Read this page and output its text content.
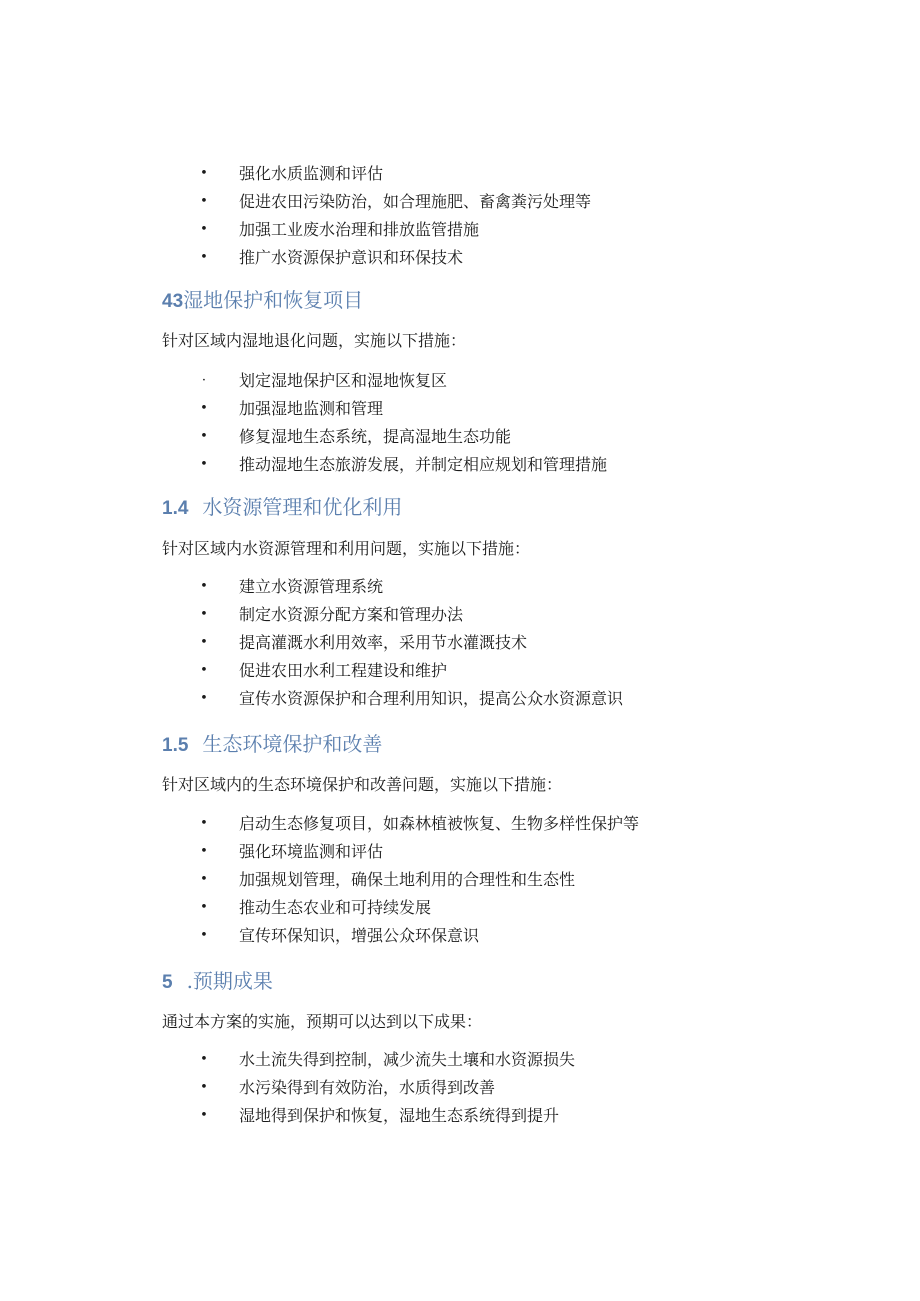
• 强化水质监测和评估
• 促进农田污染防治，如合理施肥、畜禽粪污处理等
• 加强工业废水治理和排放监管措施
• 推广水资源保护意识和环保技术
43湿地保护和恢复项目

针对区域内湿地退化问题，实施以下措施：

· 划定湿地保护区和湿地恢复区
• 加强湿地监测和管理
• 修复湿地生态系统，提高湿地生态功能
• 推动湿地生态旅游发展，并制定相应规划和管理措施
1.4 水资源管理和优化利用

针对区域内水资源管理和利用问题，实施以下措施：

• 建立水资源管理系统
• 制定水资源分配方案和管理办法
• 提高灌溉水利用效率，采用节水灌溉技术
• 促进农田水利工程建设和维护
• 宣传水资源保护和合理利用知识，提高公众水资源意识
1.5 生态环境保护和改善

针对区域内的生态环境保护和改善问题，实施以下措施：

• 启动生态修复项目，如森林植被恢复、生物多样性保护等
• 强化环境监测和评估
• 加强规划管理，确保土地利用的合理性和生态性
• 推动生态农业和可持续发展
• 宣传环保知识，增强公众环保意识
5 .预期成果

通过本方案的实施，预期可以达到以下成果：

• 水土流失得到控制，减少流失土壤和水资源损失
• 水污染得到有效防治，水质得到改善
• 湿地得到保护和恢复，湿地生态系统得到提升
